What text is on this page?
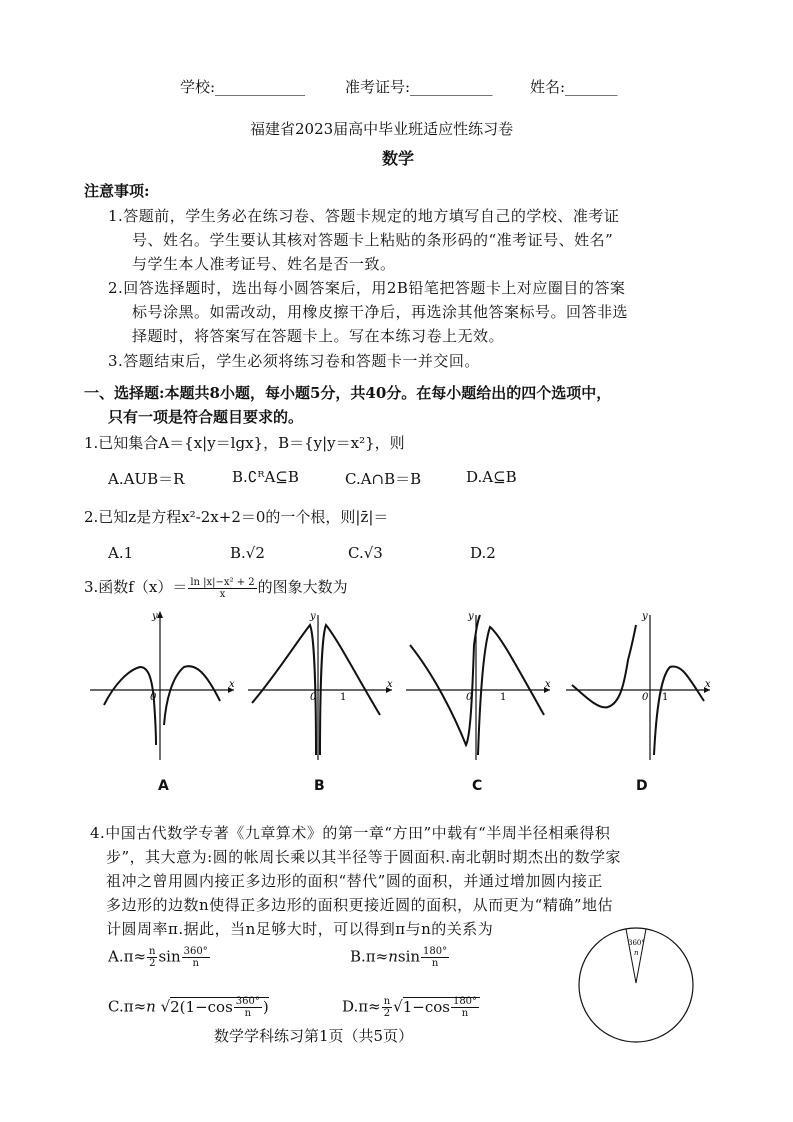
学校:____________	准考证号:___________ 姓名:_______
福建省2023届高中毕业班适应性练习卷
数学
注意事项:
1.答题前，学生务必在练习卷、答题卡规定的地方填写自己的学校、准考证
号、姓名。学生要认其核对答题卡上粘贴的条形码的“准考证号、姓名”
与学生本人准考证号、姓名是否一致。
2.回答选择题时，选出每小圆答案后，用2B铅笔把答题卡上对应圈目的答案
标号涂黑。如需改动，用橡皮擦干净后，再选涂其他答案标号。回答非选
择题时，将答案写在答题卡上。写在本练习卷上无效。
3.答题结束后，学生必须将练习卷和答题卡一并交回。
一、选择题:本题共8小题，每小题5分，共40分。在每小题给出的四个选项中，
只有一项是符合题目要求的。
1.已知集合A＝{x|y＝lgx}，B＝{y|y＝x²}，则
A.AUB＝R	B.∁ᴿA⊆B	C.A∩B＝B	D.A⊆B
2.已知z是方程x²-2x+2＝0的一个根，则|z̄|＝
A.1	B.√2	C.√3	D.2
3.函数$f(x)= \frac{\text{ln |x|−x² + 2}}{x}$ 的图象大数为
y
x
0
A
y
x
0 1
B
y
x
0	1
C
y
x
0 1
D
4.中国古代数学专著《九章算术》的第一章“方田”中载有“半周半径相乘得积
步”，其大意为:圆的帐周长乘以其半径等于圆面积.南北朝时期杰出的数学家
祖冲之曾用圆内接正多边形的面积“替代”圆的面积，并通过增加圆内接正
多边形的边数n使得正多边形的面积更接近圆的面积，从而更为“精确”地估
计圆周率π.据此，当n足够大时，可以得到π与n的关系为
$A.\pi\approx \frac{n}{2}$ $\sin \frac{360^\circ}{n}$	$B.\pi\approx nsin \frac{180^\circ}{n}$
C.π≈n $√2(1-\cos \frac{360^\circ}{n}$ )	$D.\pi\approx \frac{n}{2} √1-\cos \frac{180^\circ}{n}$
360°
n
数学学科练习第1页（共5页）
